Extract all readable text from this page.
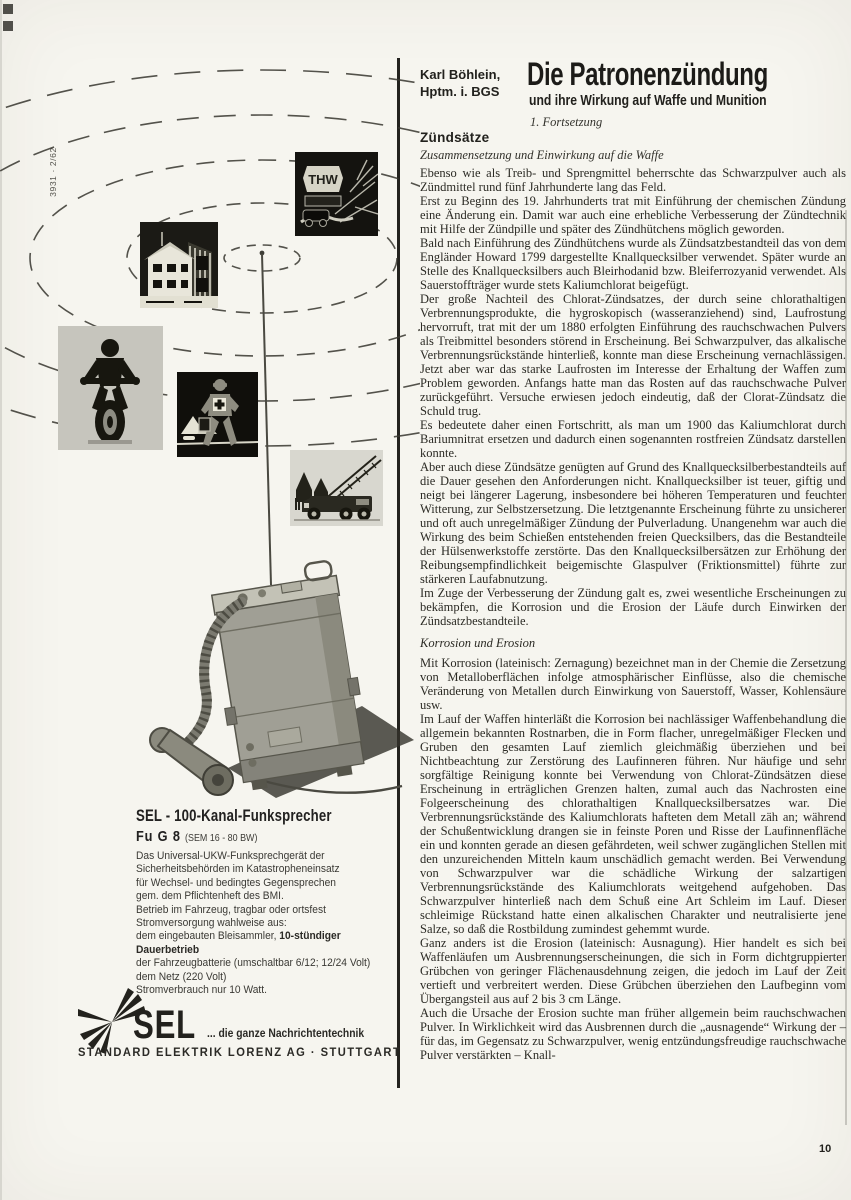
3931 · 2/62	THW
SEL - 100-Kanal-Funksprecher
Fu G 8 (SEM 16 - 80 BW)
Das Universal-UKW-Funksprechgerät der
Sicherheitsbehörden im Katastropheneinsatz
für Wechsel- und bedingtes Gegensprechen
gem. dem Pflichtenheft des BMI.
Betrieb im Fahrzeug, tragbar oder ortsfest
Stromversorgung wahlweise aus:
dem eingebauten Bleisammler, 10-stündiger
Dauerbetrieb
der Fahrzeugbatterie (umschaltbar 6/12; 12/24 Volt)
dem Netz (220 Volt)
Stromverbrauch nur 10 Watt.
SEL ... die ganze Nachrichtentechnik
STANDARD ELEKTRIK LORENZ AG · STUTTGART
Karl Böhlein,
Hptm. i. BGS Die Patronenzündung
und ihre Wirkung auf Waffe und Munition
1. Fortsetzung
Zündsätze
Zusammensetzung und Einwirkung auf die Waffe

Ebenso wie als Treib- und Sprengmittel beherrschte das Schwarzpulver auch als Zündmittel rund fünf Jahrhunderte lang das Feld.

Erst zu Beginn des 19. Jahrhunderts trat mit Einführung der chemischen Zündung eine Änderung ein. Damit war auch eine erhebliche Verbesserung der Zündtechnik mit Hilfe der Zündpille und später des Zündhütchens möglich geworden.

Bald nach Einführung des Zündhütchens wurde als Zündsatzbestandteil das von dem Engländer Howard 1799 dargestellte Knallquecksilber verwendet. Später wurde an Stelle des Knallquecksilbers auch Bleirhodanid bzw. Bleiferrozyanid verwendet. Als Sauerstoffträger wurde stets Kaliumchlorat beigefügt.

Der große Nachteil des Chlorat-Zündsatzes, der durch seine chlorathaltigen Verbrennungsprodukte, die hygroskopisch (wasseranziehend) sind, Laufrostung hervorruft, trat mit der um 1880 erfolgten Einführung des rauchschwachen Pulvers als Treibmittel besonders störend in Erscheinung. Bei Schwarzpulver, das alkalische Verbrennungsrückstände hinterließ, konnte man diese Erscheinung vernachlässigen. Jetzt aber war das starke Laufrosten im Interesse der Erhaltung der Waffen zum Problem geworden. Anfangs hatte man das Rosten auf das rauchschwache Pulver zurückgeführt. Versuche erwiesen jedoch eindeutig, daß der Clorat-Zündsatz die Schuld trug.

Es bedeutete daher einen Fortschritt, als man um 1900 das Kaliumchlorat durch Bariumnitrat ersetzen und dadurch einen sogenannten rostfreien Zündsatz darstellen konnte.

Aber auch diese Zündsätze genügten auf Grund des Knallquecksilberbestandteils auf die Dauer gesehen den Anforderungen nicht. Knallquecksilber ist teuer, giftig und neigt bei längerer Lagerung, insbesondere bei höheren Temperaturen und feuchter Witterung, zur Selbstzersetzung. Die letztgenannte Erscheinung führte zu unsicherer und oft auch unregelmäßiger Zündung der Pulverladung. Unangenehm war auch die Wirkung des beim Schießen entstehenden freien Quecksilbers, das die Bestandteile der Hülsenwerkstoffe zerstörte. Das den Knallquecksilbersätzen zur Erhöhung der Reibungsempfindlichkeit beigemischte Glaspulver (Friktionsmittel) führte zur stärkeren Laufabnutzung.

Im Zuge der Verbesserung der Zündung galt es, zwei wesentliche Erscheinungen zu bekämpfen, die Korrosion und die Erosion der Läufe durch Einwirken der Zündsatzbestandteile.

Korrosion und Erosion

Mit Korrosion (lateinisch: Zernagung) bezeichnet man in der Chemie die Zersetzung von Metalloberflächen infolge atmosphärischer Einflüsse, also die chemische Veränderung von Metallen durch Einwirkung von Sauerstoff, Wasser, Kohlensäure usw.

Im Lauf der Waffen hinterläßt die Korrosion bei nachlässiger Waffenbehandlung die allgemein bekannten Rostnarben, die in Form flacher, unregelmäßiger Flecken und Gruben den gesamten Lauf ziemlich gleichmäßig überziehen und bei Nichtbeachtung zur Zerstörung des Laufinneren führen. Nur häufige und sehr sorgfältige Reinigung konnte bei Verwendung von Chlorat-Zündsätzen diese Erscheinung in erträglichen Grenzen halten, zumal auch das Nachrosten eine Folgeerscheinung des chlorathaltigen Knallquecksilbersatzes war. Die Verbrennungsrückstände des Kaliumchlorats hafteten dem Metall zäh an; während der Schußentwicklung drangen sie in feinste Poren und Risse der Laufinnenfläche ein und konnten gerade an diesen gefährdeten, weil schwer zugänglichen Stellen mit den unzureichenden Mitteln kaum unschädlich gemacht werden. Bei Verwendung von Schwarzpulver war die schädliche Wirkung der salzartigen Verbrennungsrückstände des Kaliumchlorats weitgehend aufgehoben. Das Schwarzpulver hinterließ nach dem Schuß eine Art Schleim im Lauf. Dieser schleimige Rückstand hatte einen alkalischen Charakter und neutralisierte jene Salze, so daß die Rostbildung zumindest gehemmt wurde.

Ganz anders ist die Erosion (lateinisch: Ausnagung). Hier handelt es sich bei Waffenläufen um Ausbrennungserscheinungen, die sich in Form dichtgruppierter Grübchen von geringer Flächenausdehnung zeigen, die jedoch im Lauf der Zeit vertieft und verbreitert werden. Diese Grübchen überziehen den Laufbeginn vom Übergangsteil aus auf 2 bis 3 cm Länge.

Auch die Ursache der Erosion suchte man früher allgemein beim rauchschwachen Pulver. In Wirklichkeit wird das Ausbrennen durch die „ausnagende“ Wirkung der – für das, im Gegensatz zu Schwarzpulver, wenig entzündungsfreudige rauchschwache Pulver verstärkten – Knall-

10
